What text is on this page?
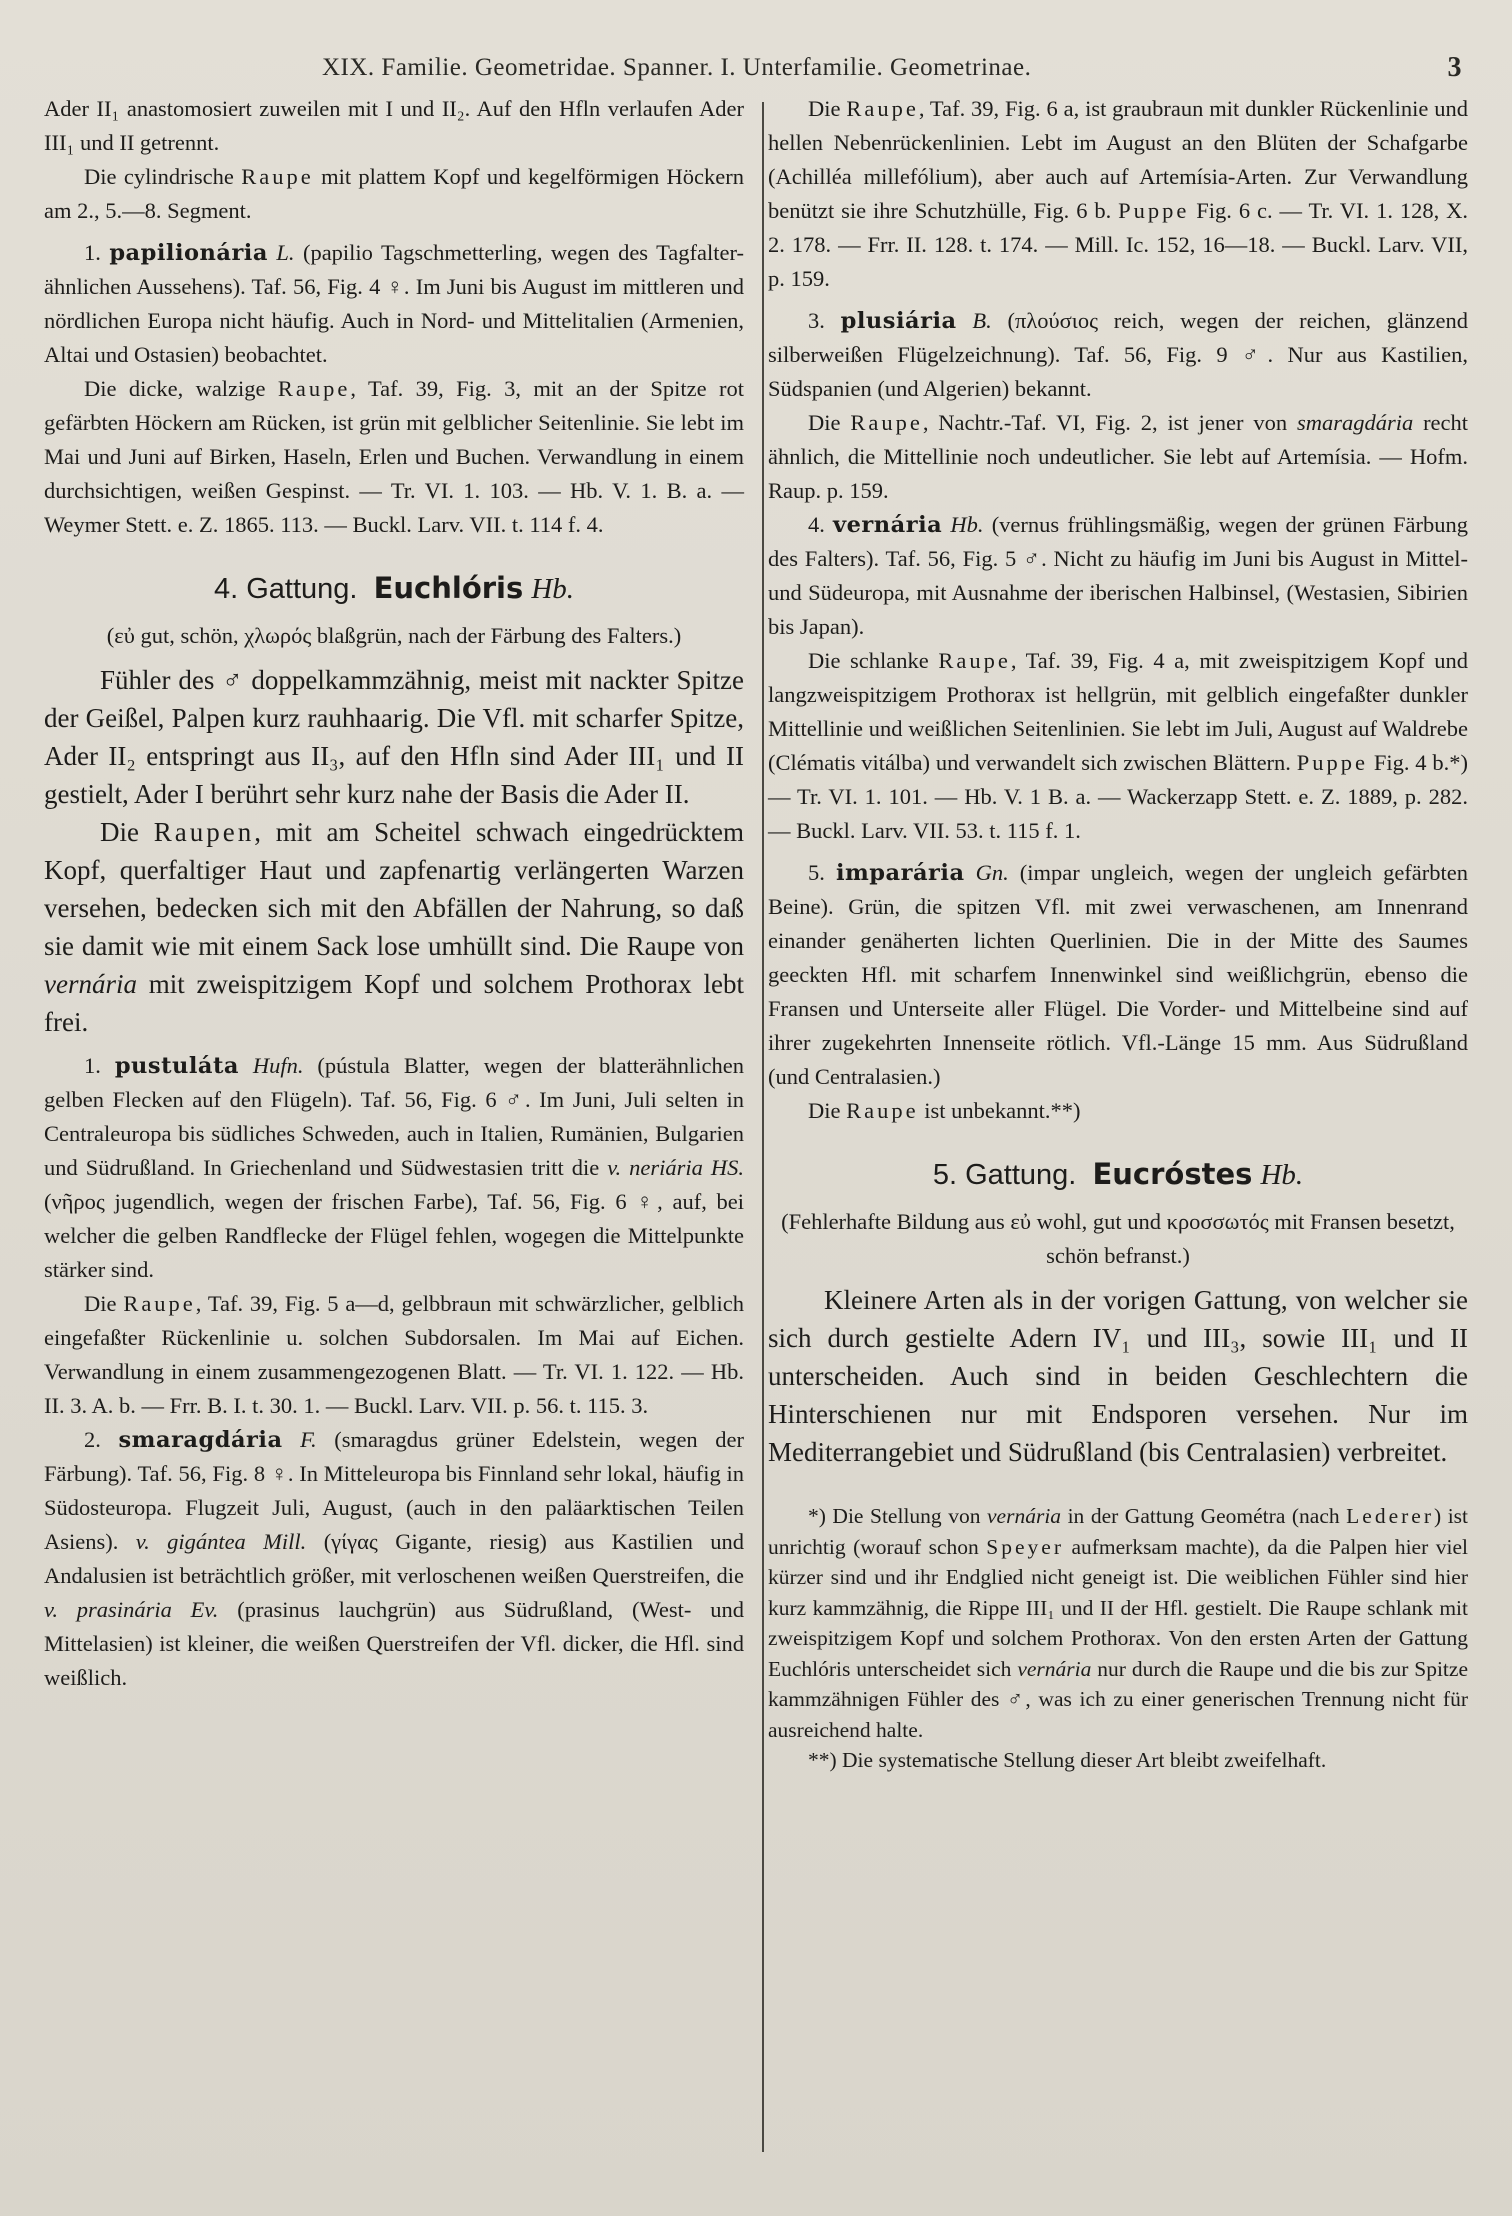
XIX. Familie. Geometridae. Spanner. I. Unterfamilie. Geometrinae.	3

Ader II₁ anastomosiert zuweilen mit I und II₂. Auf den Hfln verlaufen Ader III₁ und II getrennt.

Die cylindrische Raupe mit plattem Kopf und kegelförmigen Höckern am 2., 5.—8. Segment.

1. papilionária L. (papilio Tagschmetterling, wegen des Tagfalter-ähnlichen Aussehens). Taf. 56, Fig. 4 ♀. Im Juni bis August im mittleren und nördlichen Europa nicht häufig. Auch in Nord- und Mittelitalien (Armenien, Altai und Ostasien) beobachtet.

Die dicke, walzige Raupe, Taf. 39, Fig. 3, mit an der Spitze rot gefärbten Höckern am Rücken, ist grün mit gelblicher Seitenlinie. Sie lebt im Mai und Juni auf Birken, Haseln, Erlen und Buchen. Verwandlung in einem durchsichtigen, weißen Gespinst. — Tr. VI. 1. 103. — Hb. V. 1. B. a. — Weymer Stett. e. Z. 1865. 113. — Buckl. Larv. VII. t. 114 f. 4.

4. Gattung. Euchlóris Hb.

(εὐ gut, schön, χλωρός blaßgrün, nach der Färbung des Falters.)

Fühler des ♂ doppelkammzähnig, meist mit nackter Spitze der Geißel, Palpen kurz rauhhaarig. Die Vfl. mit scharfer Spitze, Ader II₂ entspringt aus II₃, auf den Hfln sind Ader III₁ und II gestielt, Ader I berührt sehr kurz nahe der Basis die Ader II.

Die Raupen, mit am Scheitel schwach eingedrücktem Kopf, querfaltiger Haut und zapfenartig verlängerten Warzen versehen, bedecken sich mit den Abfällen der Nahrung, so daß sie damit wie mit einem Sack lose umhüllt sind. Die Raupe von vernária mit zweispitzigem Kopf und solchem Prothorax lebt frei.

1. pustuláta Hufn. (pústula Blatter, wegen der blatterähnlichen gelben Flecken auf den Flügeln). Taf. 56, Fig. 6 ♂. Im Juni, Juli selten in Centraleuropa bis südliches Schweden, auch in Italien, Rumänien, Bulgarien und Südrußland. In Griechenland und Südwestasien tritt die v. neriária HS. (νῆρος jugendlich, wegen der frischen Farbe), Taf. 56, Fig. 6 ♀, auf, bei welcher die gelben Randflecke der Flügel fehlen, wogegen die Mittelpunkte stärker sind.

Die Raupe, Taf. 39, Fig. 5 a—d, gelbbraun mit schwärzlicher, gelblich eingefaßter Rückenlinie u. solchen Subdorsalen. Im Mai auf Eichen. Verwandlung in einem zusammengezogenen Blatt. — Tr. VI. 1. 122. — Hb. II. 3. A. b. — Frr. B. I. t. 30. 1. — Buckl. Larv. VII. p. 56. t. 115. 3.

2. smaragdária F. (smaragdus grüner Edelstein, wegen der Färbung). Taf. 56, Fig. 8 ♀. In Mitteleuropa bis Finnland sehr lokal, häufig in Südosteuropa. Flugzeit Juli, August, (auch in den paläarktischen Teilen Asiens). v. gigántea Mill. (γίγας Gigante, riesig) aus Kastilien und Andalusien ist beträchtlich größer, mit verloschenen weißen Querstreifen, die v. prasinária Ev. (prasinus lauchgrün) aus Südrußland, (West- und Mittelasien) ist kleiner, die weißen Querstreifen der Vfl. dicker, die Hfl. sind weißlich.

Die Raupe, Taf. 39, Fig. 6 a, ist graubraun mit dunkler Rückenlinie und hellen Nebenrückenlinien. Lebt im August an den Blüten der Schafgarbe (Achilléa millefólium), aber auch auf Artemísia-Arten. Zur Verwandlung benützt sie ihre Schutzhülle, Fig. 6 b. Puppe Fig. 6 c. — Tr. VI. 1. 128, X. 2. 178. — Frr. II. 128. t. 174. — Mill. Ic. 152, 16—18. — Buckl. Larv. VII, p. 159.

3. plusiária B. (πλούσιος reich, wegen der reichen, glänzend silberweißen Flügelzeichnung). Taf. 56, Fig. 9 ♂. Nur aus Kastilien, Südspanien (und Algerien) bekannt.

Die Raupe, Nachtr.-Taf. VI, Fig. 2, ist jener von smaragdária recht ähnlich, die Mittellinie noch undeutlicher. Sie lebt auf Artemísia. — Hofm. Raup. p. 159.

4. vernária Hb. (vernus frühlingsmäßig, wegen der grünen Färbung des Falters). Taf. 56, Fig. 5 ♂. Nicht zu häufig im Juni bis August in Mittel- und Südeuropa, mit Ausnahme der iberischen Halbinsel, (Westasien, Sibirien bis Japan).

Die schlanke Raupe, Taf. 39, Fig. 4 a, mit zweispitzigem Kopf und langzweispitzigem Prothorax ist hellgrün, mit gelblich eingefaßter dunkler Mittellinie und weißlichen Seitenlinien. Sie lebt im Juli, August auf Waldrebe (Clématis vitálba) und verwandelt sich zwischen Blättern. Puppe Fig. 4 b.*) — Tr. VI. 1. 101. — Hb. V. 1 B. a. — Wackerzapp Stett. e. Z. 1889, p. 282. — Buckl. Larv. VII. 53. t. 115 f. 1.

5. imparária Gn. (impar ungleich, wegen der ungleich gefärbten Beine). Grün, die spitzen Vfl. mit zwei verwaschenen, am Innenrand einander genäherten lichten Querlinien. Die in der Mitte des Saumes geeckten Hfl. mit scharfem Innenwinkel sind weißlichgrün, ebenso die Fransen und Unterseite aller Flügel. Die Vorder- und Mittelbeine sind auf ihrer zugekehrten Innenseite rötlich. Vfl.-Länge 15 mm. Aus Südrußland (und Centralasien.)

Die Raupe ist unbekannt.**)

5. Gattung. Eucróstes Hb.

(Fehlerhafte Bildung aus εὐ wohl, gut und κροσσωτός mit Fransen besetzt, schön befranst.)

Kleinere Arten als in der vorigen Gattung, von welcher sie sich durch gestielte Adern IV₁ und III₃, sowie III₁ und II unterscheiden. Auch sind in beiden Geschlechtern die Hinterschienen nur mit Endsporen versehen. Nur im Mediterrangebiet und Südrußland (bis Centralasien) verbreitet.

*) Die Stellung von vernária in der Gattung Geométra (nach Lederer) ist unrichtig (worauf schon Speyer aufmerksam machte), da die Palpen hier viel kürzer sind und ihr Endglied nicht geneigt ist. Die weiblichen Fühler sind hier kurz kammzähnig, die Rippe III₁ und II der Hfl. gestielt. Die Raupe schlank mit zweispitzigem Kopf und solchem Prothorax. Von den ersten Arten der Gattung Euchlóris unterscheidet sich vernária nur durch die Raupe und die bis zur Spitze kammzähnigen Fühler des ♂, was ich zu einer generischen Trennung nicht für ausreichend halte.

**) Die systematische Stellung dieser Art bleibt zweifelhaft.
